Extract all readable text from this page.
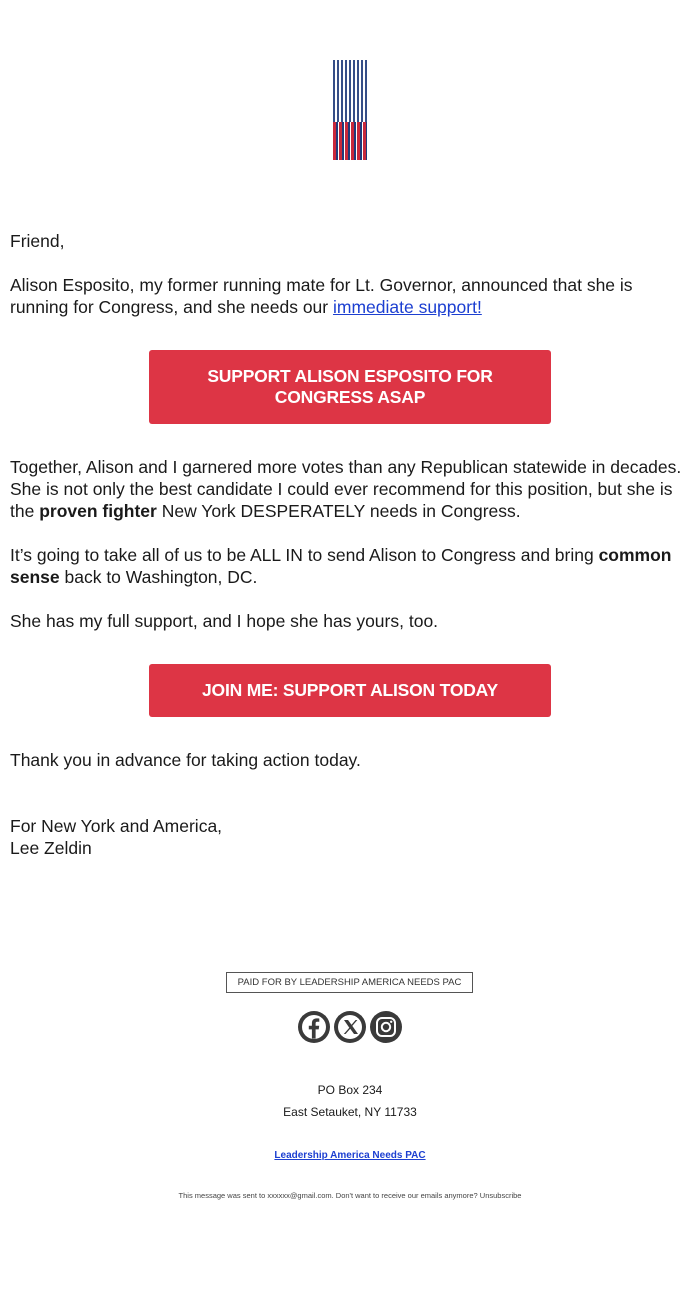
Friend,

Alison Esposito, my former running mate for Lt. Governor, announced that she is running for Congress, and she needs our immediate support!

SUPPORT ALISON ESPOSITO FOR CONGRESS ASAP

Together, Alison and I garnered more votes than any Republican statewide in decades. She is not only the best candidate I could ever recommend for this position, but she is the proven fighter New York DESPERATELY needs in Congress.

It’s going to take all of us to be ALL IN to send Alison to Congress and bring common sense back to Washington, DC.

She has my full support, and I hope she has yours, too.

JOIN ME: SUPPORT ALISON TODAY

Thank you in advance for taking action today.

For New York and America,
Lee Zeldin

PAID FOR BY LEADERSHIP AMERICA NEEDS PAC
PO Box 234
East Setauket, NY 11733
Leadership America Needs PAC
This message was sent to xxxxxx@gmail.com. Don't want to receive our emails anymore? Unsubscribe
